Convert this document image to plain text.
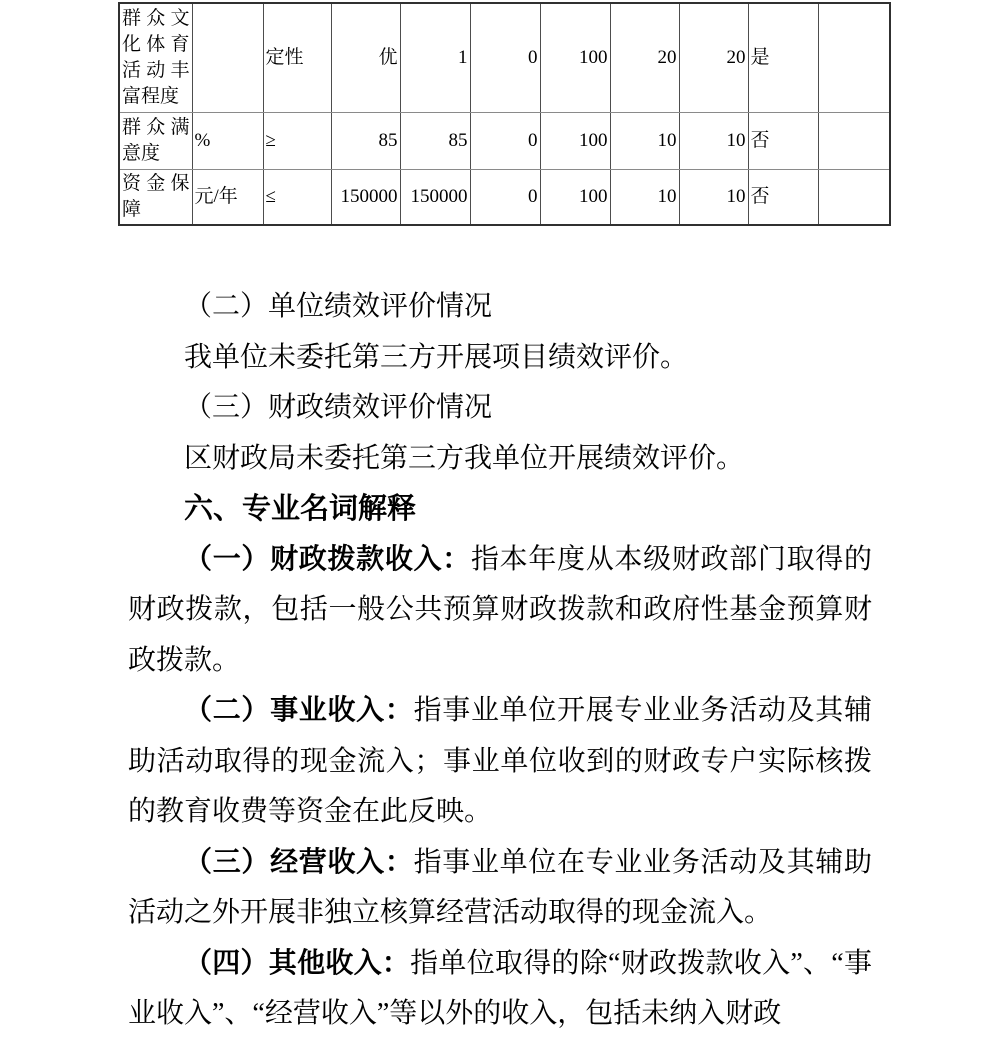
群众文化体育活动丰富程度		定性	优	1	0	100	20	20	是	
群众满意度	%	≥	85	85	0	100	10	10	否	
资金保障	元/年	≤	150000	150000	0	100	10	10	否	

（二）单位绩效评价情况

我单位未委托第三方开展项目绩效评价。

（三）财政绩效评价情况

区财政局未委托第三方我单位开展绩效评价。

六、专业名词解释

（一）财政拨款收入：指本年度从本级财政部门取得的财政拨款，包括一般公共预算财政拨款和政府性基金预算财政拨款。

（二）事业收入：指事业单位开展专业业务活动及其辅助活动取得的现金流入；事业单位收到的财政专户实际核拨的教育收费等资金在此反映。

（三）经营收入：指事业单位在专业业务活动及其辅助活动之外开展非独立核算经营活动取得的现金流入。

（四）其他收入：指单位取得的除“财政拨款收入”、“事业收入”、“经营收入”等以外的收入，包括未纳入财政
